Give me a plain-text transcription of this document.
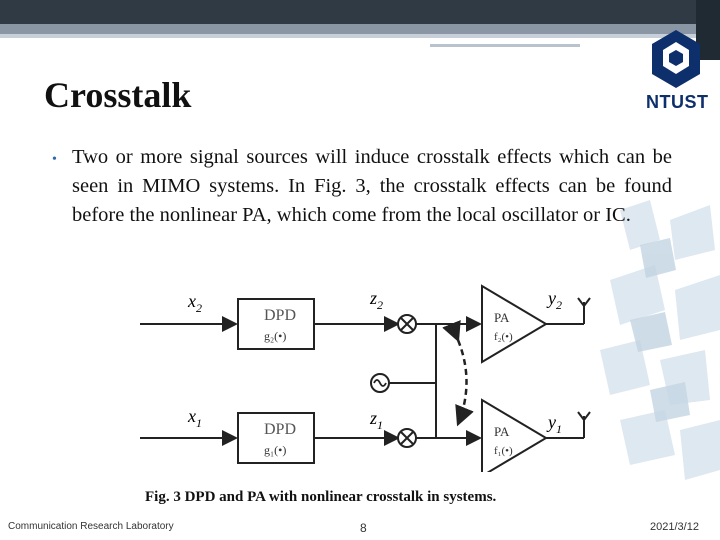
Crosstalk	NTUST
• Two or more signal sources will induce crosstalk effects which can be seen in MIMO systems. In Fig. 3, the crosstalk effects can be found before the nonlinear PA, which come from the local oscillator or IC.
$x_2$	DPD
g₂(•)
$z_2$
PA
f₂(•)
$y_2$
$x_1$	DPD
g₁(•)
$z_1$	PA
f₁(•)
$y_1$
Fig. 3 DPD and PA with nonlinear crosstalk in systems.
Communication Research Laboratory	8	2021/3/12
